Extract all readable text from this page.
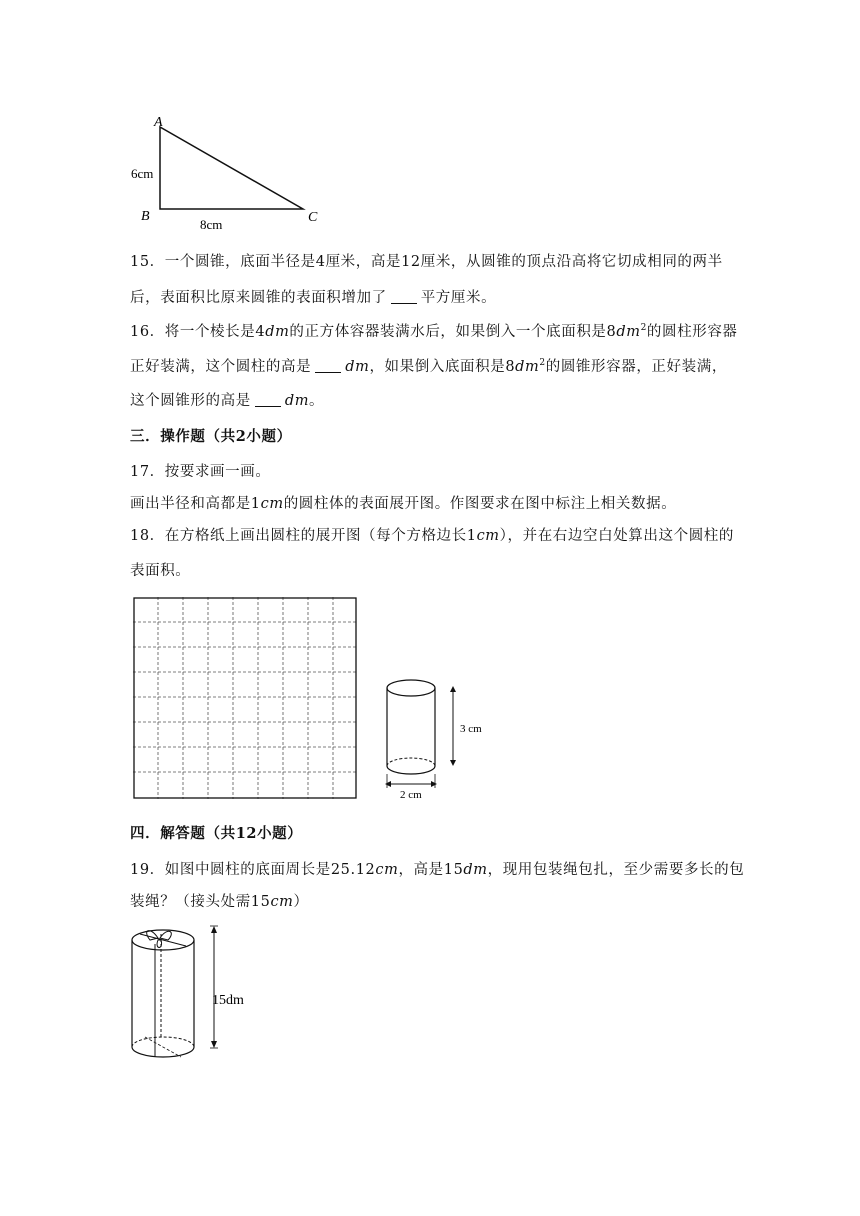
A
B	C
6cm
8cm
15．一个圆锥，底面半径是4厘米，高是12厘米，从圆锥的顶点沿高将它切成相同的两半
后，表面积比原来圆锥的表面积增加了 平方厘米。
16．将一个棱长是4dm的正方体容器装满水后，如果倒入一个底面积是$8dm^2$的圆柱形容器
正好装满，这个圆柱的高是 dm，如果倒入底面积是$8dm^2$的圆锥形容器，正好装满，
这个圆锥形的高是 dm。
三．操作题（共2小题）
17．按要求画一画。
画出半径和高都是1cm的圆柱体的表面展开图。作图要求在图中标注上相关数据。
18．在方格纸上画出圆柱的展开图（每个方格边长1cm），并在右边空白处算出这个圆柱的
表面积。
3 cm
2 cm
四．解答题（共12小题）
19．如图中圆柱的底面周长是25.12cm，高是15dm，现用包装绳包扎，至少需要多长的包
装绳？（接头处需15cm）
15dm
